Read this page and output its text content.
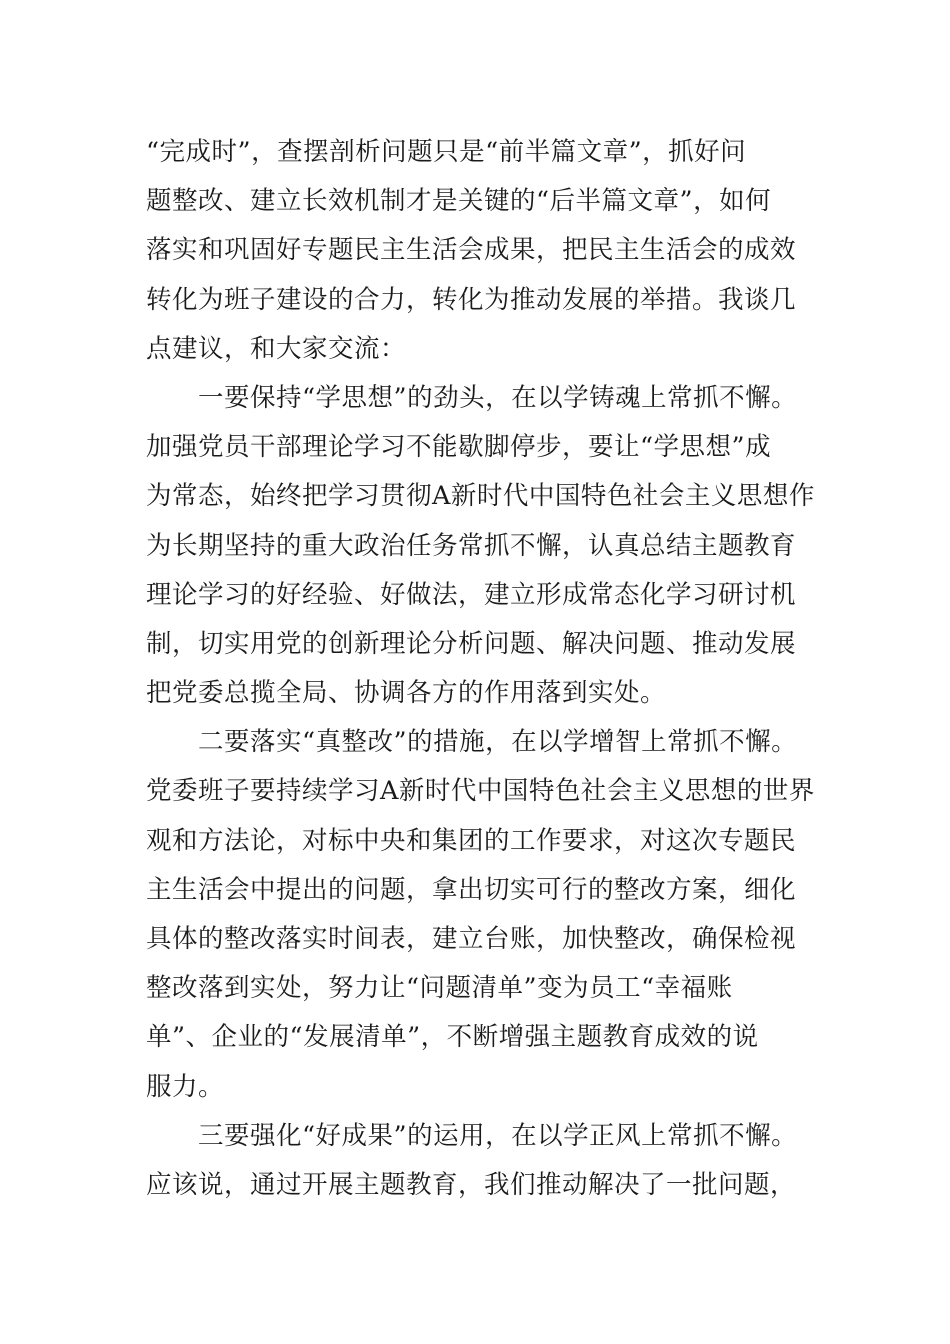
“完成时”，查摆剖析问题只是“前半篇文章”，抓好问
题整改、建立长效机制才是关键的“后半篇文章”，如何
落实和巩固好专题民主生活会成果，把民主生活会的成效
转化为班子建设的合力，转化为推动发展的举措。我谈几
点建议，和大家交流：
一要保持“学思想”的劲头，在以学铸魂上常抓不懈。
加强党员干部理论学习不能歇脚停步，要让“学思想”成
为常态，始终把学习贯彻A新时代中国特色社会主义思想作
为长期坚持的重大政治任务常抓不懈，认真总结主题教育
理论学习的好经验、好做法，建立形成常态化学习研讨机
制，切实用党的创新理论分析问题、解决问题、推动发展
把党委总揽全局、协调各方的作用落到实处。
二要落实“真整改”的措施，在以学增智上常抓不懈。
党委班子要持续学习A新时代中国特色社会主义思想的世界
观和方法论，对标中央和集团的工作要求，对这次专题民
主生活会中提出的问题，拿出切实可行的整改方案，细化
具体的整改落实时间表，建立台账，加快整改，确保检视
整改落到实处，努力让“问题清单”变为员工“幸福账
单”、企业的“发展清单”，不断增强主题教育成效的说
服力。
三要强化“好成果”的运用，在以学正风上常抓不懈。
应该说，通过开展主题教育，我们推动解决了一批问题，
